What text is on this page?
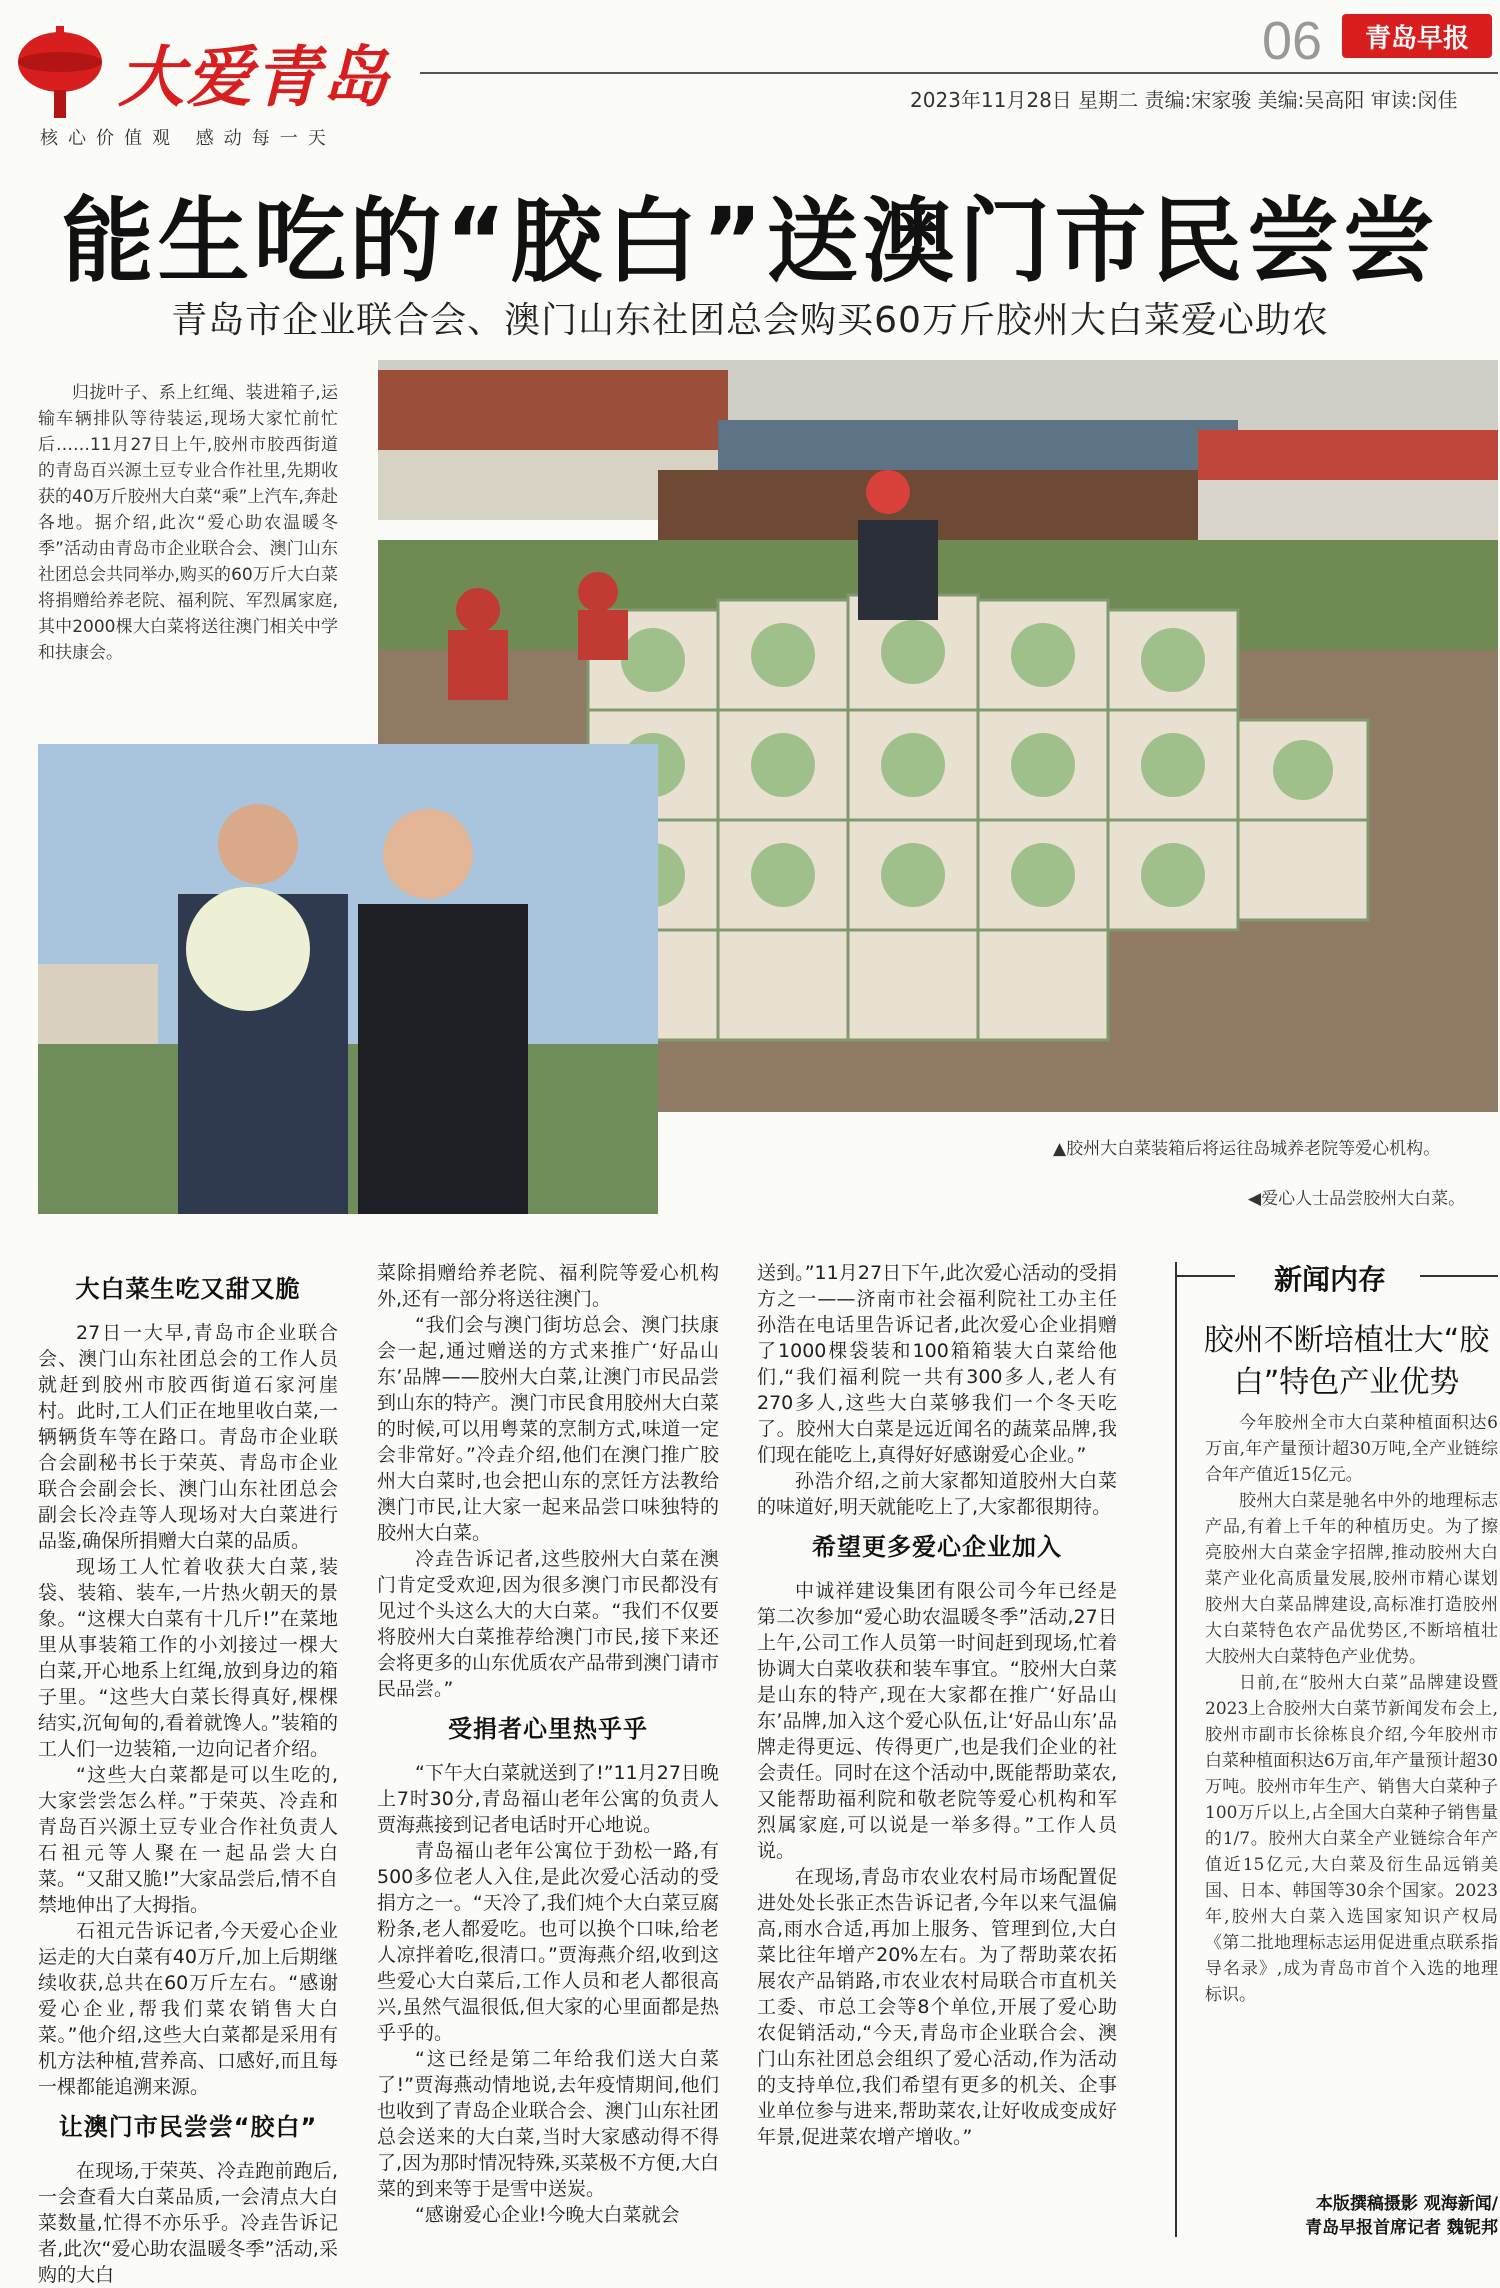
大爱青岛
核心价值观 感动每一天
06	青岛早报
2023年11月28日 星期二 责编:宋家骏 美编:吴高阳 审读:闵佳
能生吃的“胶白”送澳门市民尝尝
青岛市企业联合会、澳门山东社团总会购买60万斤胶州大白菜爱心助农
归拢叶子、系上红绳、装进箱子,运输车辆排队等待装运,现场大家忙前忙后……11月27日上午,胶州市胶西街道的青岛百兴源土豆专业合作社里,先期收获的40万斤胶州大白菜“乘”上汽车,奔赴各地。据介绍,此次“爱心助农温暖冬季”活动由青岛市企业联合会、澳门山东社团总会共同举办,购买的60万斤大白菜将捐赠给养老院、福利院、军烈属家庭,其中2000棵大白菜将送往澳门相关中学和扶康会。
▲胶州大白菜装箱后将运往岛城养老院等爱心机构。
◀爱心人士品尝胶州大白菜。
大白菜生吃又甜又脆

27日一大早,青岛市企业联合会、澳门山东社团总会的工作人员就赶到胶州市胶西街道石家河崖村。此时,工人们正在地里收白菜,一辆辆货车等在路口。青岛市企业联合会副秘书长于荣英、青岛市企业联合会副会长、澳门山东社团总会副会长冷垚等人现场对大白菜进行品鉴,确保所捐赠大白菜的品质。

现场工人忙着收获大白菜,装袋、装箱、装车,一片热火朝天的景象。“这棵大白菜有十几斤!”在菜地里从事装箱工作的小刘接过一棵大白菜,开心地系上红绳,放到身边的箱子里。“这些大白菜长得真好,棵棵结实,沉甸甸的,看着就馋人。”装箱的工人们一边装箱,一边向记者介绍。

“这些大白菜都是可以生吃的,大家尝尝怎么样。”于荣英、冷垚和青岛百兴源土豆专业合作社负责人石祖元等人聚在一起品尝大白菜。“又甜又脆!”大家品尝后,情不自禁地伸出了大拇指。

石祖元告诉记者,今天爱心企业运走的大白菜有40万斤,加上后期继续收获,总共在60万斤左右。“感谢爱心企业,帮我们菜农销售大白菜。”他介绍,这些大白菜都是采用有机方法种植,营养高、口感好,而且每一棵都能追溯来源。

让澳门市民尝尝“胶白”

在现场,于荣英、冷垚跑前跑后,一会查看大白菜品质,一会清点大白菜数量,忙得不亦乐乎。冷垚告诉记者,此次“爱心助农温暖冬季”活动,采购的大白

菜除捐赠给养老院、福利院等爱心机构外,还有一部分将送往澳门。

“我们会与澳门街坊总会、澳门扶康会一起,通过赠送的方式来推广‘好品山东’品牌——胶州大白菜,让澳门市民品尝到山东的特产。澳门市民食用胶州大白菜的时候,可以用粤菜的烹制方式,味道一定会非常好。”冷垚介绍,他们在澳门推广胶州大白菜时,也会把山东的烹饪方法教给澳门市民,让大家一起来品尝口味独特的胶州大白菜。

冷垚告诉记者,这些胶州大白菜在澳门肯定受欢迎,因为很多澳门市民都没有见过个头这么大的大白菜。“我们不仅要将胶州大白菜推荐给澳门市民,接下来还会将更多的山东优质农产品带到澳门请市民品尝。”

受捐者心里热乎乎

“下午大白菜就送到了!”11月27日晚上7时30分,青岛福山老年公寓的负责人贾海燕接到记者电话时开心地说。

青岛福山老年公寓位于劲松一路,有500多位老人入住,是此次爱心活动的受捐方之一。“天冷了,我们炖个大白菜豆腐粉条,老人都爱吃。也可以换个口味,给老人凉拌着吃,很清口。”贾海燕介绍,收到这些爱心大白菜后,工作人员和老人都很高兴,虽然气温很低,但大家的心里面都是热乎乎的。

“这已经是第二年给我们送大白菜了!”贾海燕动情地说,去年疫情期间,他们也收到了青岛企业联合会、澳门山东社团总会送来的大白菜,当时大家感动得不得了,因为那时情况特殊,买菜极不方便,大白菜的到来等于是雪中送炭。

“感谢爱心企业!今晚大白菜就会

送到。”11月27日下午,此次爱心活动的受捐方之一——济南市社会福利院社工办主任孙浩在电话里告诉记者,此次爱心企业捐赠了1000棵袋装和100箱箱装大白菜给他们,“我们福利院一共有300多人,老人有270多人,这些大白菜够我们一个冬天吃了。胶州大白菜是远近闻名的蔬菜品牌,我们现在能吃上,真得好好感谢爱心企业。”

孙浩介绍,之前大家都知道胶州大白菜的味道好,明天就能吃上了,大家都很期待。

希望更多爱心企业加入

中诚祥建设集团有限公司今年已经是第二次参加“爱心助农温暖冬季”活动,27日上午,公司工作人员第一时间赶到现场,忙着协调大白菜收获和装车事宜。“胶州大白菜是山东的特产,现在大家都在推广‘好品山东’品牌,加入这个爱心队伍,让‘好品山东’品牌走得更远、传得更广,也是我们企业的社会责任。同时在这个活动中,既能帮助菜农,又能帮助福利院和敬老院等爱心机构和军烈属家庭,可以说是一举多得。”工作人员说。

在现场,青岛市农业农村局市场配置促进处处长张正杰告诉记者,今年以来气温偏高,雨水合适,再加上服务、管理到位,大白菜比往年增产20%左右。为了帮助菜农拓展农产品销路,市农业农村局联合市直机关工委、市总工会等8个单位,开展了爱心助农促销活动,“今天,青岛市企业联合会、澳门山东社团总会组织了爱心活动,作为活动的支持单位,我们希望有更多的机关、企事业单位参与进来,帮助菜农,让好收成变成好年景,促进菜农增产增收。”

新闻内存
胶州不断培植壮大“胶白”特色产业优势

今年胶州全市大白菜种植面积达6万亩,年产量预计超30万吨,全产业链综合年产值近15亿元。

胶州大白菜是驰名中外的地理标志产品,有着上千年的种植历史。为了擦亮胶州大白菜金字招牌,推动胶州大白菜产业化高质量发展,胶州市精心谋划胶州大白菜品牌建设,高标准打造胶州大白菜特色农产品优势区,不断培植壮大胶州大白菜特色产业优势。

日前,在“胶州大白菜”品牌建设暨2023上合胶州大白菜节新闻发布会上,胶州市副市长徐栋良介绍,今年胶州市白菜种植面积达6万亩,年产量预计超30万吨。胶州市年生产、销售大白菜种子100万斤以上,占全国大白菜种子销售量的1/7。胶州大白菜全产业链综合年产值近15亿元,大白菜及衍生品远销美国、日本、韩国等30余个国家。2023年,胶州大白菜入选国家知识产权局《第二批地理标志运用促进重点联系指导名录》,成为青岛市首个入选的地理标识。

本版撰稿摄影 观海新闻/
青岛早报首席记者 魏铌邦
